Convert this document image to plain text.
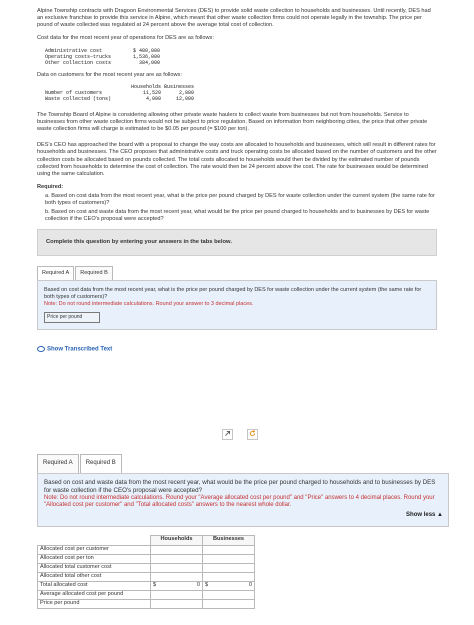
Alpine Township contracts with Dragoon Environmental Services (DES) to provide solid waste collection to households and businesses. Until recently, DES had an exclusive franchise to provide this service in Alpine, which meant that other waste collection firms could not operate legally in the township. The price per pound of waste collected was regulated at 24 percent above the average total cost of collection.

Cost data for the most recent year of operations for DES are as follows:

Administrative cost	$ 480,000
Operating costs–trucks	1,536,000
Other collection costs	384,000

Data on customers for the most recent year are as follows:

	Households	Businesses
Number of customers	11,520	2,880
Waste collected (tons)	4,000	12,000

The Township Board of Alpine is considering allowing other private waste haulers to collect waste from businesses but not from households. Service to businesses from other waste collection firms would not be subject to price regulation. Based on information from neighboring cities, the price that other private waste collection firms will charge is estimated to be $0.05 per pound (= $100 per ton).

DES's CEO has approached the board with a proposal to change the way costs are allocated to households and businesses, which will result in different rates for households and businesses. The CEO proposes that administrative costs and truck operating costs be allocated based on the number of customers and the other collection costs be allocated based on pounds collected. The total costs allocated to households would then be divided by the estimated number of pounds collected from households to determine the cost of collection. The rate would then be 24 percent above the cost. The rate for businesses would be determined using the same calculation.

Required:

a. Based on cost data from the most recent year, what is the price per pound charged by DES for waste collection under the current system (the same rate for both types of customers)?
b. Based on cost and waste data from the most recent year, what would be the price per pound charged to households and to businesses by DES for waste collection if the CEO's proposal were accepted?
Complete this question by entering your answers in the tabs below.
Required A	Required B
Based on cost data from the most recent year, what is the price per pound charged by DES for waste collection under the current system (the same rate for both types of customers)?
Note: Do not round intermediate calculations. Round your answer to 3 decimal places.
Price per pound
Show Transcribed Text

Required A	Required B
Based on cost and waste data from the most recent year, what would be the price per pound charged to households and to businesses by DES for waste collection if the CEO's proposal were accepted?
Note: Do not round intermediate calculations. Round your "Average allocated cost per pound" and "Price" answers to 4 decimal places. Round your "Allocated cost per customer" and "Total allocated costs" answers to the nearest whole dollar.
Show less ▲
	Households	Businesses
Allocated cost per customer		
Allocated cost per ton		
Allocated total customer cost		
Allocated total other cost		
Total allocated cost	$ 0	$ 0

Average allocated cost per pound		
Price per pound		
